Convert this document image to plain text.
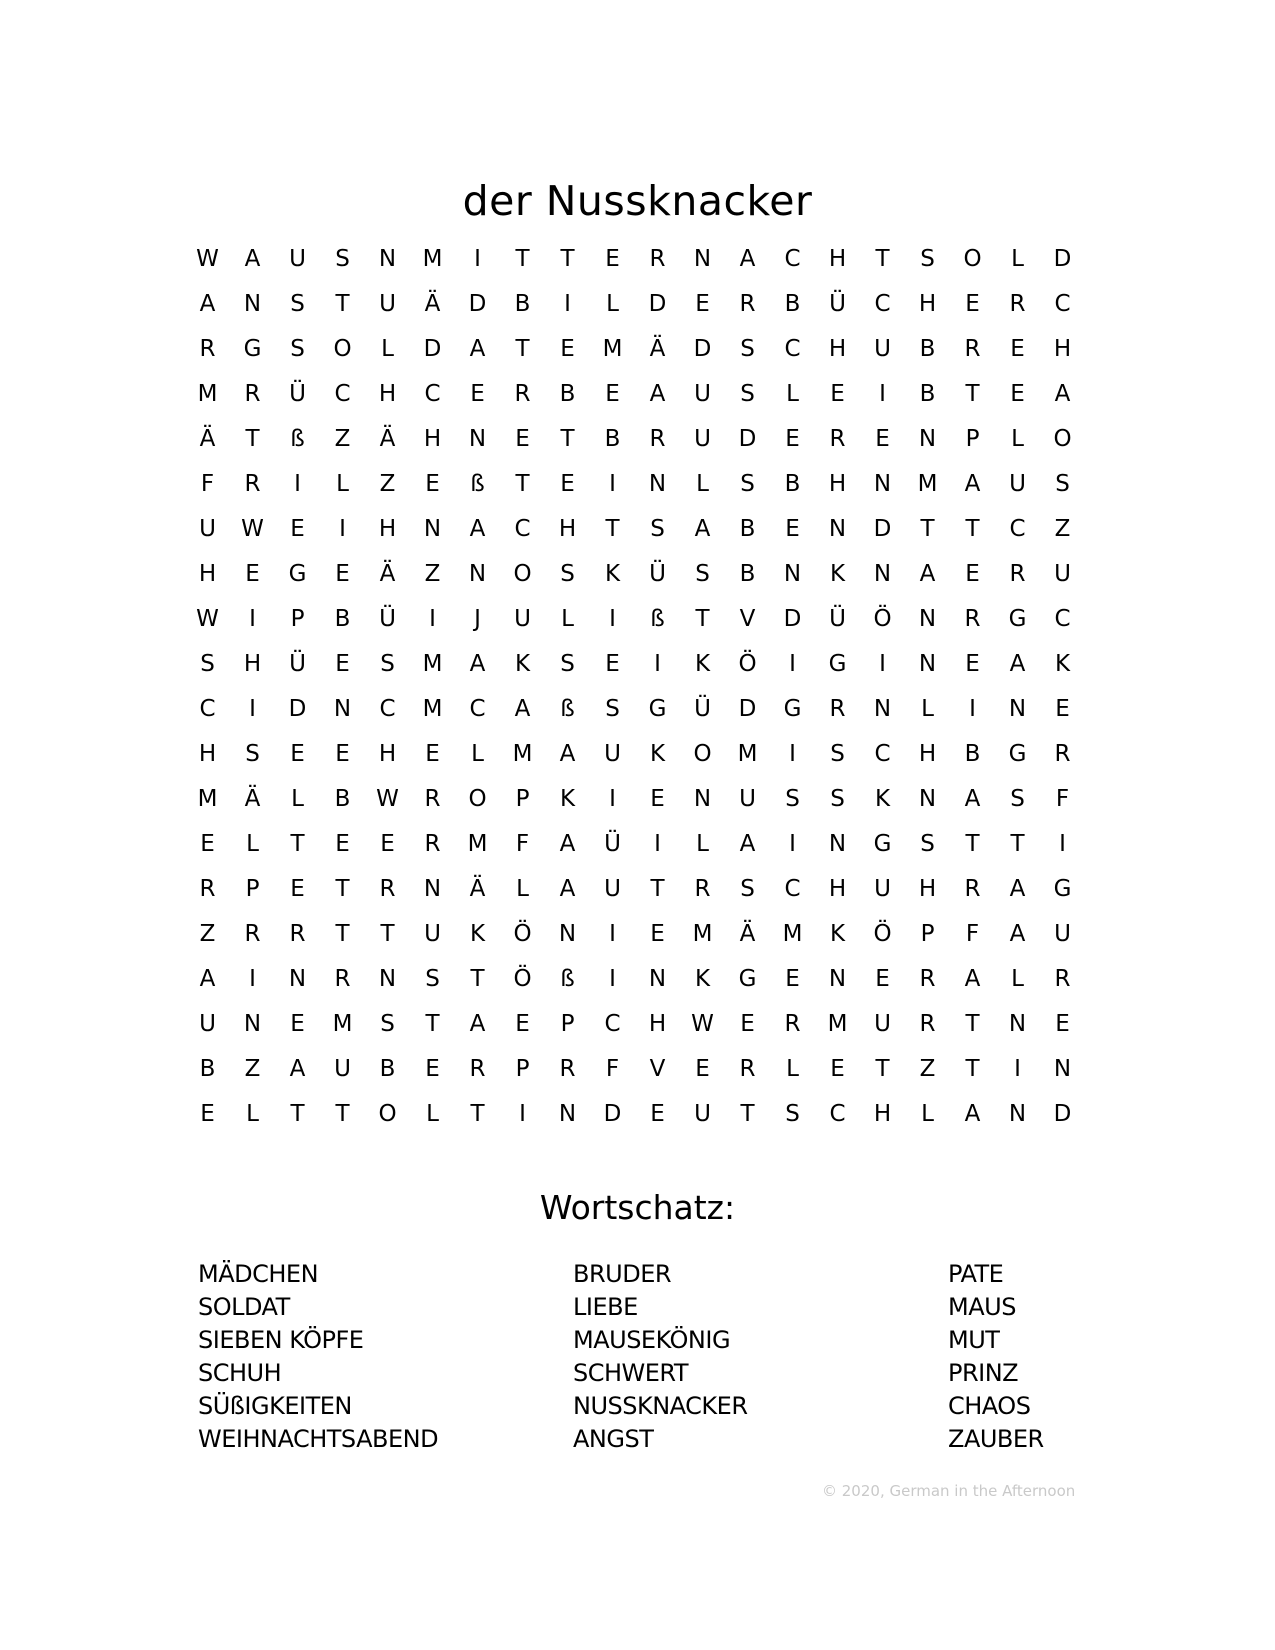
der Nussknacker
W	A	U	S	N	M	I	T	T	E	R	N	A	C	H	T	S	O	L	D
A	N	S	T	U	Ä	D	B	I	L	D	E	R	B	Ü	C	H	E	R	C
R	G	S	O	L	D	A	T	E	M	Ä	D	S	C	H	U	B	R	E	H
M	R	Ü	C	H	C	E	R	B	E	A	U	S	L	E	I	B	T	E	A
Ä	T	ß	Z	Ä	H	N	E	T	B	R	U	D	E	R	E	N	P	L	O
F	R	I	L	Z	E	ß	T	E	I	N	L	S	B	H	N	M	A	U	S
U	W	E	I	H	N	A	C	H	T	S	A	B	E	N	D	T	T	C	Z
H	E	G	E	Ä	Z	N	O	S	K	Ü	S	B	N	K	N	A	E	R	U
W	I	P	B	Ü	I	J	U	L	I	ß	T	V	D	Ü	Ö	N	R	G	C
S	H	Ü	E	S	M	A	K	S	E	I	K	Ö	I	G	I	N	E	A	K
C	I	D	N	C	M	C	A	ß	S	G	Ü	D	G	R	N	L	I	N	E
H	S	E	E	H	E	L	M	A	U	K	O	M	I	S	C	H	B	G	R
M	Ä	L	B	W	R	O	P	K	I	E	N	U	S	S	K	N	A	S	F
E	L	T	E	E	R	M	F	A	Ü	I	L	A	I	N	G	S	T	T	I
R	P	E	T	R	N	Ä	L	A	U	T	R	S	C	H	U	H	R	A	G
Z	R	R	T	T	U	K	Ö	N	I	E	M	Ä	M	K	Ö	P	F	A	U
A	I	N	R	N	S	T	Ö	ß	I	N	K	G	E	N	E	R	A	L	R
U	N	E	M	S	T	A	E	P	C	H	W	E	R	M	U	R	T	N	E
B	Z	A	U	B	E	R	P	R	F	V	E	R	L	E	T	Z	T	I	N
E	L	T	T	O	L	T	I	N	D	E	U	T	S	C	H	L	A	N	D
Wortschatz:
MÄDCHEN
SOLDAT
SIEBEN KÖPFE
SCHUH
SÜßIGKEITEN
WEIHNACHTSABEND
BRUDER
LIEBE
MAUSEKÖNIG
SCHWERT
NUSSKNACKER
ANGST
PATE
MAUS
MUT
PRINZ
CHAOS
ZAUBER
© 2020, German in the Afternoon
